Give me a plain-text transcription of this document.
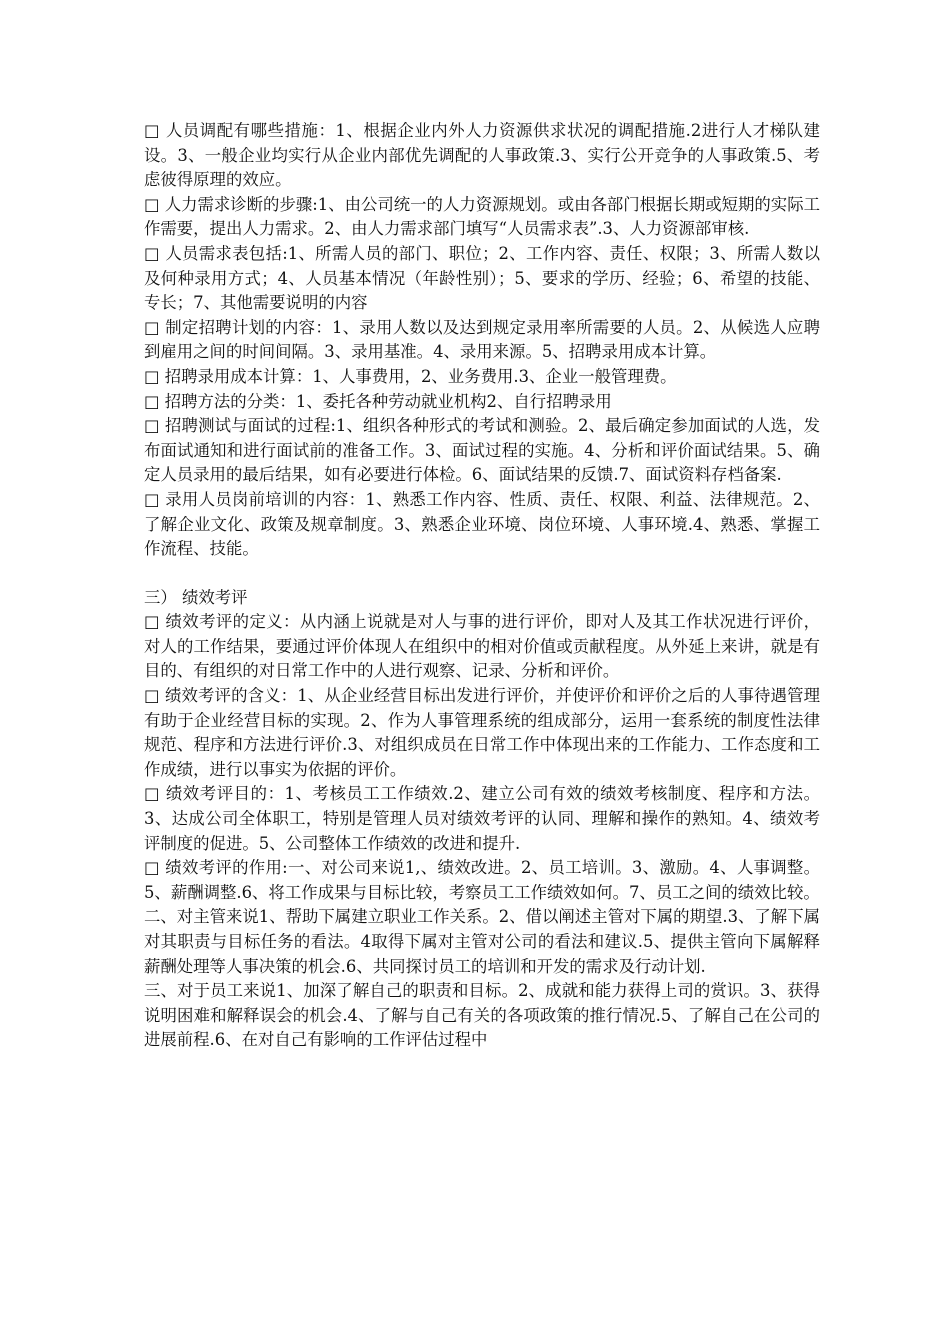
□ 人员调配有哪些措施：1、根据企业内外人力资源供求状况的调配措施.2进行人才梯队建设。3、一般企业均实行从企业内部优先调配的人事政策.3、实行公开竞争的人事政策.5、考虑彼得原理的效应。

□ 人力需求诊断的步骤:1、由公司统一的人力资源规划。或由各部门根据长期或短期的实际工作需要，提出人力需求。2、由人力需求部门填写“人员需求表”.3、人力资源部审核.

□ 人员需求表包括:1、所需人员的部门、职位；2、工作内容、责任、权限；3、所需人数以及何种录用方式；4、人员基本情况（年龄性别）；5、要求的学历、经验；6、希望的技能、专长；7、其他需要说明的内容

□ 制定招聘计划的内容：1、录用人数以及达到规定录用率所需要的人员。2、从候选人应聘到雇用之间的时间间隔。3、录用基准。4、录用来源。5、招聘录用成本计算。

□ 招聘录用成本计算：1、人事费用，2、业务费用.3、企业一般管理费。

□ 招聘方法的分类：1、委托各种劳动就业机构2、自行招聘录用

□ 招聘测试与面试的过程:1、组织各种形式的考试和测验。2、最后确定参加面试的人选，发布面试通知和进行面试前的准备工作。3、面试过程的实施。4、分析和评价面试结果。5、确定人员录用的最后结果，如有必要进行体检。6、面试结果的反馈.7、面试资料存档备案.

□ 录用人员岗前培训的内容：1、熟悉工作内容、性质、责任、权限、利益、法律规范。2、了解企业文化、政策及规章制度。3、熟悉企业环境、岗位环境、人事环境.4、熟悉、掌握工作流程、技能。

三） 绩效考评

□ 绩效考评的定义：从内涵上说就是对人与事的进行评价，即对人及其工作状况进行评价，对人的工作结果，要通过评价体现人在组织中的相对价值或贡献程度。从外延上来讲，就是有目的、有组织的对日常工作中的人进行观察、记录、分析和评价。

□ 绩效考评的含义：1、从企业经营目标出发进行评价，并使评价和评价之后的人事待遇管理有助于企业经营目标的实现。2、作为人事管理系统的组成部分，运用一套系统的制度性法律规范、程序和方法进行评价.3、对组织成员在日常工作中体现出来的工作能力、工作态度和工作成绩，进行以事实为依据的评价。

□ 绩效考评目的：1、考核员工工作绩效.2、建立公司有效的绩效考核制度、程序和方法。3、达成公司全体职工，特别是管理人员对绩效考评的认同、理解和操作的熟知。4、绩效考评制度的促进。5、公司整体工作绩效的改进和提升.

□ 绩效考评的作用:一、对公司来说1,、绩效改进。2、员工培训。3、激励。4、人事调整。5、薪酬调整.6、将工作成果与目标比较，考察员工工作绩效如何。7、员工之间的绩效比较。

二、对主管来说1、帮助下属建立职业工作关系。2、借以阐述主管对下属的期望.3、了解下属对其职责与目标任务的看法。4取得下属对主管对公司的看法和建议.5、提供主管向下属解释薪酬处理等人事决策的机会.6、共同探讨员工的培训和开发的需求及行动计划.

三、对于员工来说1、加深了解自己的职责和目标。2、成就和能力获得上司的赏识。3、获得说明困难和解释误会的机会.4、了解与自己有关的各项政策的推行情况.5、了解自己在公司的进展前程.6、在对自己有影响的工作评估过程中
